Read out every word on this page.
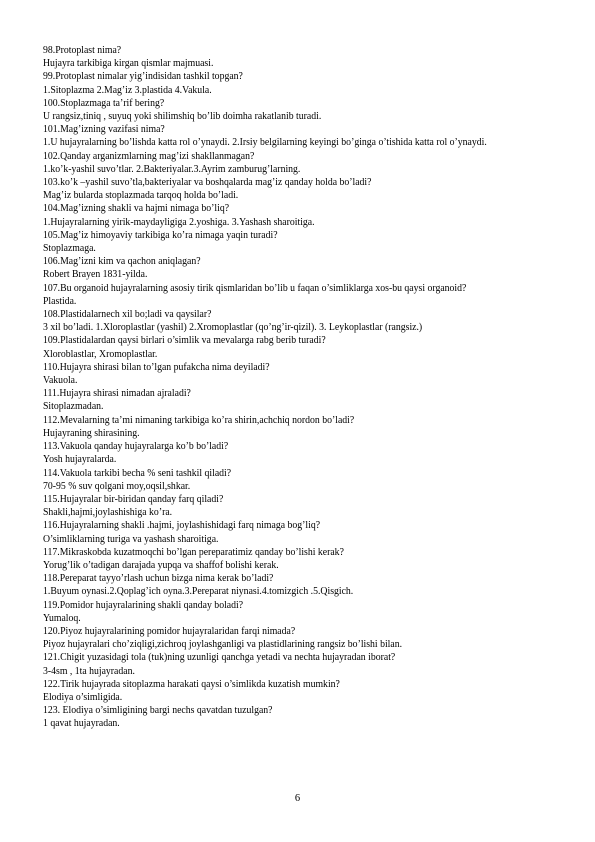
98.Protoplast nima?
Hujayra tarkibiga kirgan qismlar majmuasi.
99.Protoplast nimalar yig’indisidan tashkil topgan?
1.Sitoplazma 2.Mag’iz 3.plastida 4.Vakula.
100.Stoplazmaga ta’rif bering?
U rangsiz,tiniq , suyuq yoki shilimshiq bo’lib doimha rakatlanib turadi.
101.Mag’izning vazifasi nima?
1.U hujayralarning bo’lishda katta rol o’ynaydi. 2.Irsiy belgilarning keyingi bo’ginga o’tishida katta rol o’ynaydi.
102.Qanday arganizmlarning mag’izi shakllanmagan?
1.ko’k-yashil suvo’tlar. 2.Bakteriyalar.3.Ayrim zamburug’larning.
103.ko’k –yashil suvo’tla,bakteriyalar va boshqalarda mag’iz qanday holda bo’ladi?
Mag’iz bularda stoplazmada tarqoq holda bo’ladi.
104.Mag’izning shakli va hajmi nimaga bo’liq?
1.Hujayralarning yirik-maydayligiga 2.yoshiga. 3.Yashash sharoitiga.
105.Mag’iz himoyaviy tarkibiga ko’ra nimaga yaqin turadi?
Stoplazmaga.
106.Mag’izni kim va qachon aniqlagan?
Robert Brayen 1831-yilda.
107.Bu organoid hujayralarning asosiy tirik qismlaridan bo’lib u faqan o’simliklarga xos-bu qaysi organoid?
Plastida.
108.Plastidalarnech xil bo;ladi va qaysilar?
3 xil bo’ladi. 1.Xloroplastlar (yashil) 2.Xromoplastlar (qo’ng’ir-qizil). 3. Leykoplastlar (rangsiz.)
109.Plastidalardan qaysi birlari o’simlik va mevalarga rabg berib turadi?
Xloroblastlar, Xromoplastlar.
110.Hujayra shirasi bilan to’lgan pufakcha nima deyiladi?
Vakuola.
111.Hujayra shirasi nimadan ajraladi?
Sitoplazmadan.
112.Mevalarning ta’mi nimaning tarkibiga ko’ra shirin,achchiq nordon bo’ladi?
Hujayraning shirasining.
113.Vakuola qanday hujayralarga ko’b bo’ladi?
Yosh hujayralarda.
114.Vakuola tarkibi becha % seni tashkil qiladi?
70-95 % suv qolgani moy,oqsil,shkar.
115.Hujayralar bir-biridan qanday farq qiladi?
Shakli,hajmi,joylashishiga ko’ra.
116.Hujayralarning shakli .hajmi, joylashishidagi farq nimaga bog’liq?
O’simliklarning turiga va yashash sharoitiga.
117.Mikraskobda kuzatmoqchi bo’lgan pereparatimiz qanday bo’lishi kerak?
Yorug’lik o’tadigan darajada yupqa va shaffof bolishi kerak.
118.Pereparat tayyo’rlash uchun bizga nima kerak bo’ladi?
1.Buyum oynasi.2.Qoplag’ich oyna.3.Pereparat niynasi.4.tomizgich .5.Qisgich.
119.Pomidor hujayralarining shakli qanday boladi?
Yumaloq.
120.Piyoz hujayralarining pomidor hujayralaridan farqi nimada?
Piyoz hujayralari cho’ziqligi,zichroq joylashganligi va plastidlarining rangsiz bo’lishi bilan.
121.Chigit yuzasidagi tola (tuk)ning uzunligi qanchga yetadi va nechta hujayradan iborat?
3-4sm , 1ta hujayradan.
122.Tirik hujayrada sitoplazma harakati qaysi o’simlikda kuzatish mumkin?
Elodiya o’simligida.
123. Elodiya o’simligining bargi nechs qavatdan tuzulgan?
1 qavat hujayradan.
6
